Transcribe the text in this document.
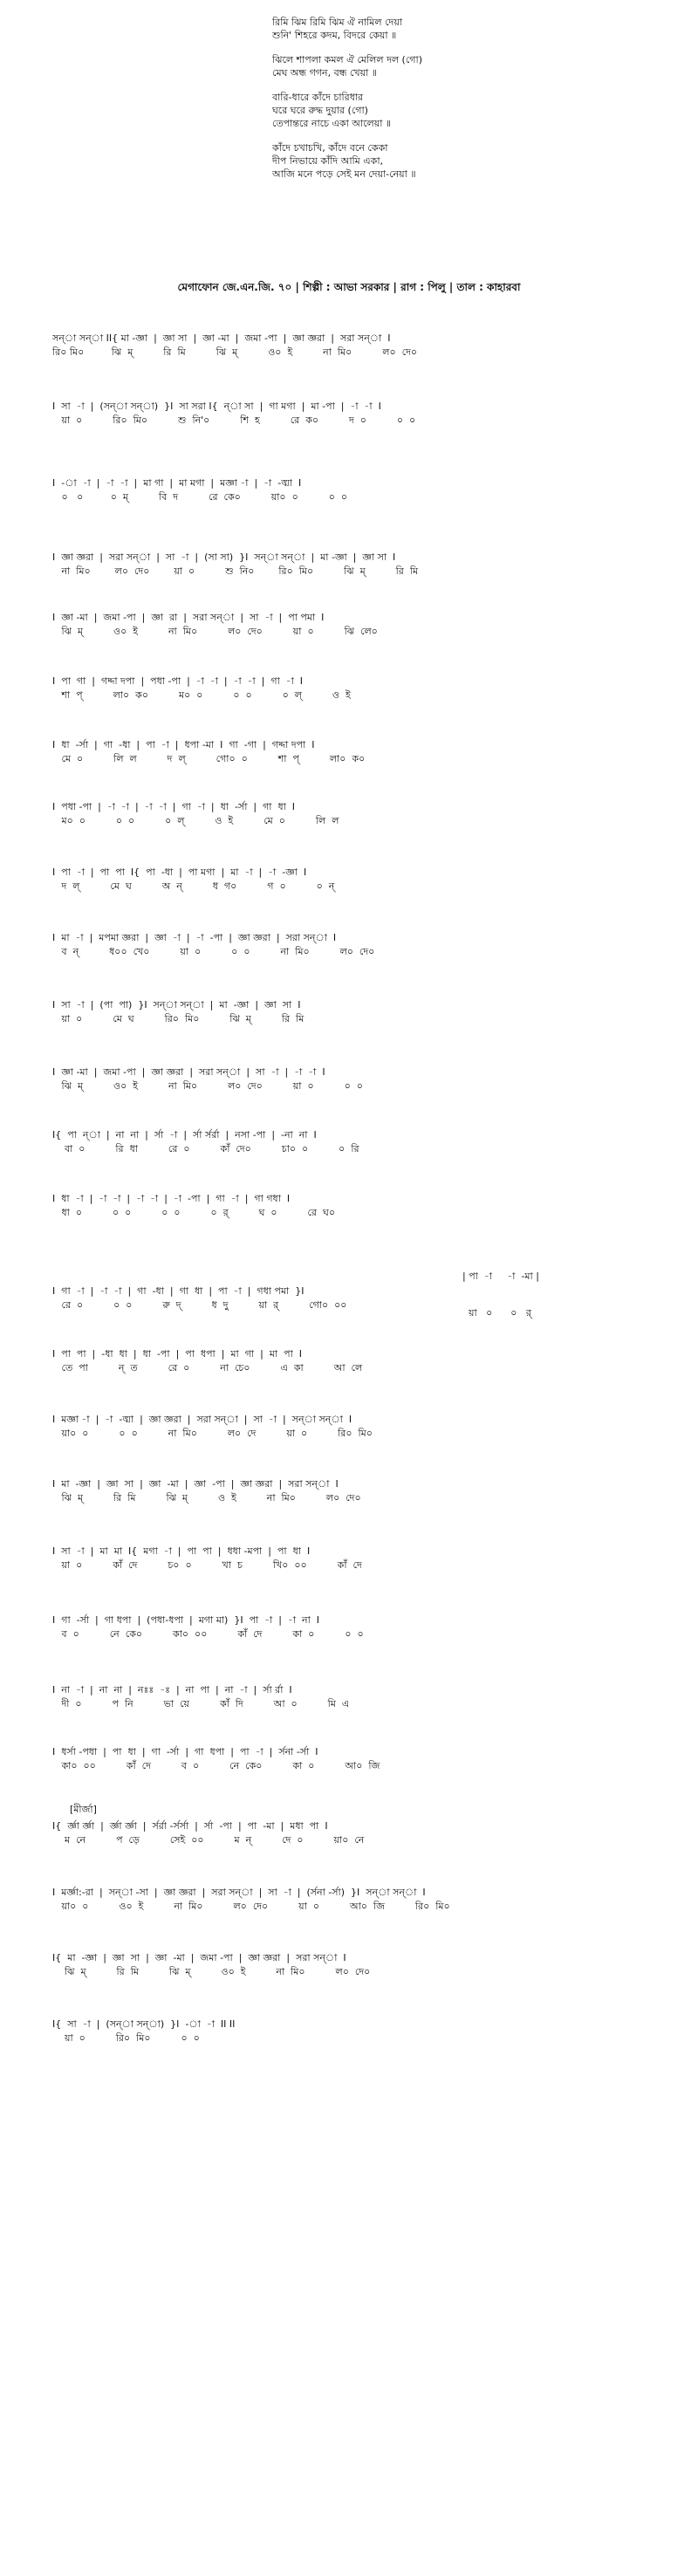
রিমি ঝিম রিমি ঝিম ঐ নামিল দেয়া
শুনি' শিহরে কদম, বিদরে কেয়া ॥
ঝিলে শাপলা কমল ঐ মেলিল দল (গো)
মেঘ অন্ধ গগন, বন্ধ খেয়া ॥
বারি-ধারে কাঁদে চারিধার
ঘরে ঘরে রুদ্ধ দুয়ার (গো)
তেপান্তরে নাচে একা আলেয়া ॥
কাঁদে চখাচখি, কাঁদে বনে কেকা
দীপ নিভায়ে কাঁদি আমি একা,
আজি মনে পড়ে সেই মন দেয়া-নেয়া ॥
মেগাফোন জে.এন.জি. ৭০ | শিল্পী : আভা সরকার | রাগ : পিলু | তাল : কাহারবা
সন্া সন্া II{ মা -জ্ঞা  |  জ্ঞা সা  |  জ্ঞা -মা  |  জমা -পা  |  জ্ঞা জ্ঞরা  |  সরা সন্া  I
রি০ মি০         ঝি  ম্          রি  মি          ঝি  ম্          ও০  ই          না  মি০          ল০  দে০
I  সা  -া  |  (সন্া সন্া)  }I  সা সরা I{  ন্া সা  |  গা মগা  |  মা -পা  |  -া  -া  I
য়া  ০          রি০  মি০          শু  নি'০          শি  হ          রে  ক০          দ  ০          ০  ০
I  -া  -া  |  -া  -া  |  মা গা  |  মা মগা  |  মজ্ঞা -া  |  -া  -ঙ্মা  I
০   ০         ০  ম্          বি  দ          রে  কে০          য়া০  ০          ০  ০
I  জ্ঞা জ্ঞরা  |  সরা সন্া  |  সা  -া  |  (সা সা)  }I  সন্া সন্া  |  মা -জ্ঞা  |  জ্ঞা সা  I
না  মি০        ল০  দে০        য়া  ০          শু  নি০        রি০  মি০          ঝি  ম্          রি  মি
I  জ্ঞা -মা  |  জমা -পা  |  জ্ঞা  রা  |  সরা সন্া  |  সা  -া  |  পা পমা  I
ঝি  ম্          ও০  ই          না  মি০          ল০  দে০          য়া  ০          ঝি  লে০
I  পা  গা  |  গদ্দা দপা  |  পধা -পা  |  -া  -া  |  -া  -া  |  গা  -া  I
শা  প্          লা০  ক০          ম০  ০          ০  ০          ০  ল্          ও  ই
I  ধা  -র্সা  |  গা  -ধা  |  পা  -া  |  ধপা -মা  I  গা  -গা  |  গদ্দা দপা  I
মে  ০          লি  ল          দ  ল্          গো০  ০          শা  প্          লা০  ক০
I  পধা -পা  |  -া  -া  |  -া  -া  |  গা  -া  |  ধা  -র্সা  |  গা  ধা  I
ম০  ০          ০  ০          ০  ল্          ও  ই          মে  ০          লি  ল
I  পা  -া  |  পা  পা  I{  পা  -ধা  |  পা মগা  |  মা  -া  |  -া  -জ্ঞা  I
দ  ল্          মে  ঘ          অ  ন্          ধ  গ০          গ  ০          ০  ন্
I  মা  -া  |  মপমা জ্ঞরা  |  জ্ঞা  -া  |  -া  -পা  |  জ্ঞা জ্ঞরা  |  সরা সন্া  I
ব  ন্          ধ০০  খে০          য়া  ০          ০  ০          না  মি০          ল০  দে০
I  সা  -া  |  (পা  পা)  }I  সন্া সন্া  |  মা  -জ্ঞা  |  জ্ঞা  সা  I
য়া  ০          মে  ঘ          রি০  মি০          ঝি  ম্          রি  মি
I  জ্ঞা -মা  |  জমা -পা  |  জ্ঞা জ্ঞরা  |  সরা সন্া  |  সা  -া  |  -া  -া  I
ঝি  ম্          ও০  ই          না  মি০          ল০  দে০          য়া  ০          ০  ০
I{  পা  ন্া  |  না  না  |  র্সা  -া  |  র্সা র্সর্রা  |  নসা -পা  |  -না  না  I
বা  ০          রি  ধা          রে  ০          কাঁ  দে০          চা০  ০          ০  রি
I  ধা  -া  |  -া  -া  |  -া  -া  |  -া  -পা  |  গা  -া  |  গা গধা  I
ধা  ০          ০  ০          ০  ০          ০  র্          ঘ  ০          রে  ঘ০

| পা  -া     -া  -মা |

য়া   ০      ০   র্

I  গা  -া  |  -া  -া  |  গা  -ধা  |  গা  ধা  |  পা  -া  |  গধা পমা  }I
রে  ০          ০  ০          রু  দ্          ধ  দু          য়া  র্          গো০  ০০
I  পা  পা  |  -ধা  ধা  |  ধা  -পা  |  পা  ধপা  |  মা  গা  |  মা  পা  I
তে  পা          ন্  ত          রে  ০          না  চে০          এ  কা          আ  লে
I  মজ্ঞা -া  |  -া  -ঙ্মা  |  জ্ঞা জ্ঞরা  |  সরা সন্া  |  সা  -া  |  সন্া সন্া  I
য়া০  ০          ০  ০          না  মি০          ল০  দে          য়া  ০          রি০  মি০
I  মা  -জ্ঞা  |  জ্ঞা  সা  |  জ্ঞা  -মা  |  জ্ঞা  -পা  |  জ্ঞা জ্ঞরা  |  সরা সন্া  I
ঝি  ম্          রি  মি          ঝি  ম্          ও  ই          না  মি০          ল০  দে০
I  সা  -া  |  মা  মা  I{  মগা  -া  |  পা  পা  |  ধধা -মপা  |  পা  ধা  I
য়া  ০          কাঁ  দে          চ০  ০          খা  চ          খি০  ০০          কাঁ  দে
I  গা  -র্সা  |  গা ধপা  |  (পধা-ধপা  |  মগা মা)  }I  পা  -া  |  -া  না  I
ব  ০          নে  কে০          কা০  ০০          কাঁ  দে          কা  ০          ০  ০
I  না  -া  |  না  না  |  নঃঃ  -ঃ  |  না  পা  |  না  -া  |  র্সা র্রা  I
দী  ০          প  নি          ভা  য়ে          কাঁ  দি          আ  ০          মি  এ
I  ধর্সা -পধা  |  পা  ধা  |  গা  -র্সা  |  গা  ধপা  |  পা  -া  |  র্সনা -র্সা  I
কা০  ০০          কাঁ  দে          ব  ০          নে  কে০          কা  ০          আ০  জি
[মীর্জা]
I{  র্জ্ঞা র্জ্ঞা  |  র্জ্ঞা র্জ্ঞা  |  র্সর্রা -র্সর্সা  |  র্সা  -পা  |  পা  -মা  |  মধা  পা  I
ম  নে          প  ড়ে          সেই  ০০          ম  ন্          দে  ০          য়া০  নে
I  মর্জ্ঞা:-রা  |  সন্া -সা  |  জ্ঞা জ্ঞরা  |  সরা সন্া  |  সা  -া  |  (র্সনা -র্সা)  }I  সন্া সন্া  I
য়া০  ০          ও০  ই          না  মি০          ল০  দে০          য়া  ০          আ০  জি          রি০  মি০
I{  মা  -জ্ঞা  |  জ্ঞা  সা  |  জ্ঞা  -মা  |  জমা -পা  |  জ্ঞা জ্ঞরা  |  সরা সন্া  I
ঝি  ম্          রি  মি          ঝি  ম্          ও০  ই          না  মি০          ল০  দে০
I{  সা  -া  |  (সন্া সন্া)  }I  -া  -া  II II
য়া  ০          রি০  মি০          ০  ০
